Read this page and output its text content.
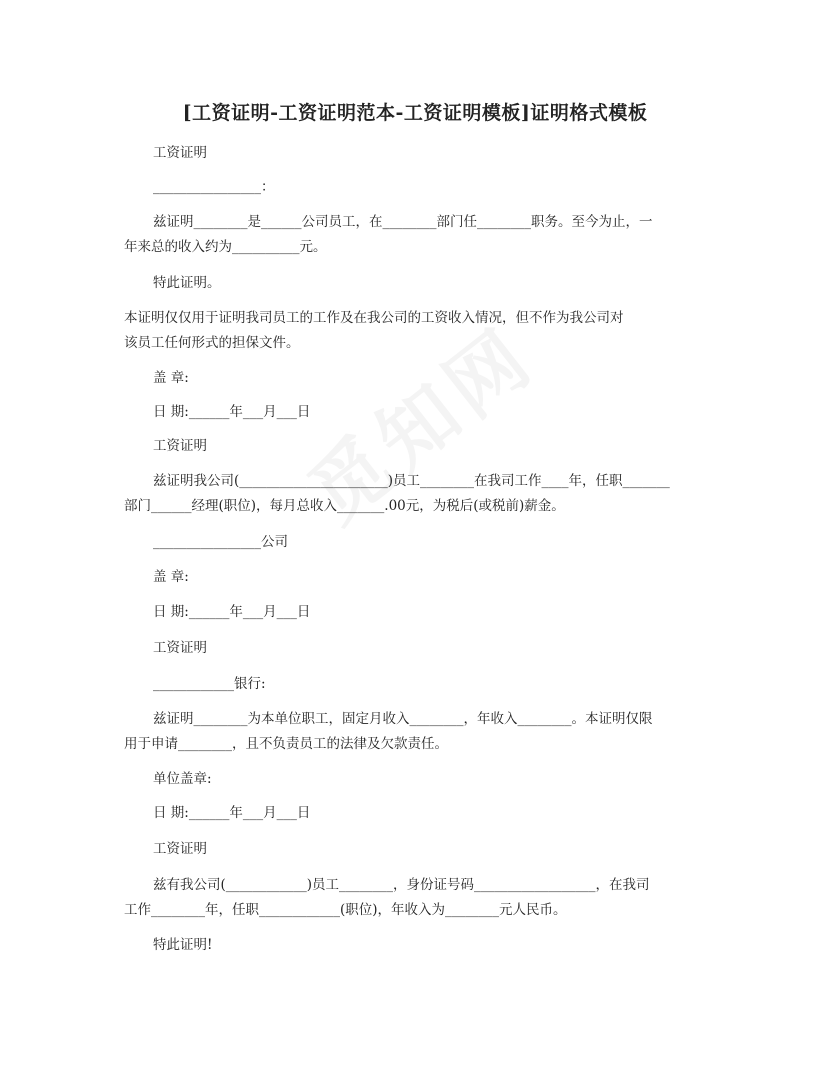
[工资证明-工资证明范本-工资证明模板]证明格式模板
工资证明
________________：
兹证明________是______公司员工，在________部门任________职务。至今为止，一
年来总的收入约为__________元。
特此证明。
本证明仅仅用于证明我司员工的工作及在我公司的工资收入情况，但不作为我公司对
该员工任何形式的担保文件。
盖 章:
日 期:______年___月___日
工资证明
兹证明我公司(______________________)员工________在我司工作____年，任职_______
部门______经理(职位)，每月总收入_______.00元，为税后(或税前)薪金。
________________公司
盖 章:
日 期:______年___月___日
工资证明
____________银行:
兹证明________为本单位职工，固定月收入________，年收入________。本证明仅限
用于申请________，且不负责员工的法律及欠款责任。
单位盖章:
日 期:______年___月___日
工资证明
兹有我公司(____________)员工________，身份证号码__________________，在我司
工作________年，任职____________(职位)，年收入为________元人民币。
特此证明!
